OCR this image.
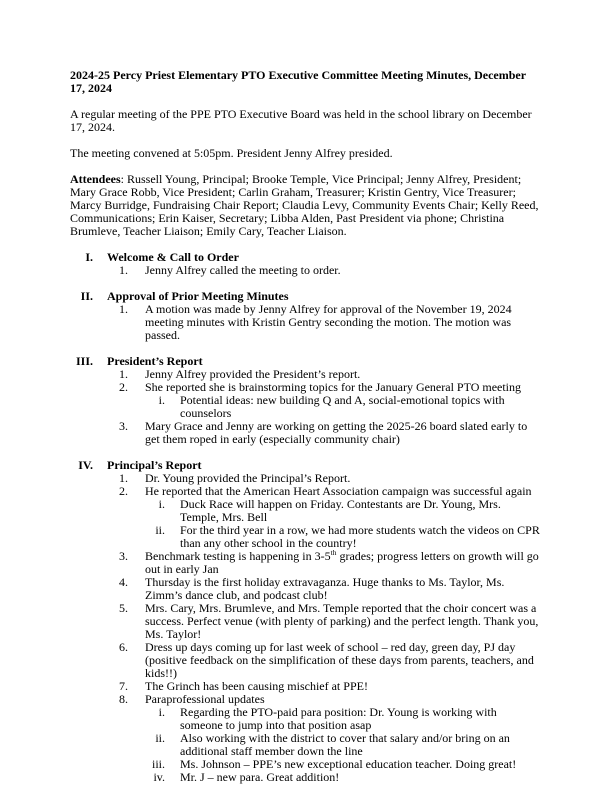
2024-25 Percy Priest Elementary PTO Executive Committee Meeting Minutes, December 17, 2024

A regular meeting of the PPE PTO Executive Board was held in the school library on December 17, 2024.

The meeting convened at 5:05pm. President Jenny Alfrey presided.

Attendees: Russell Young, Principal; Brooke Temple, Vice Principal; Jenny Alfrey, President; Mary Grace Robb, Vice President; Carlin Graham, Treasurer; Kristin Gentry, Vice Treasurer; Marcy Burridge, Fundraising Chair Report; Claudia Levy, Community Events Chair; Kelly Reed, Communications; Erin Kaiser, Secretary; Libba Alden, Past President via phone; Christina Brumleve, Teacher Liaison; Emily Cary, Teacher Liaison.

I. Welcome & Call to Order
1. Jenny Alfrey called the meeting to order.
II. Approval of Prior Meeting Minutes
1. A motion was made by Jenny Alfrey for approval of the November 19, 2024 meeting minutes with Kristin Gentry seconding the motion. The motion was passed.
III. President’s Report
1. Jenny Alfrey provided the President’s report.
2. She reported she is brainstorming topics for the January General PTO meeting
i. Potential ideas: new building Q and A, social-emotional topics with counselors
3. Mary Grace and Jenny are working on getting the 2025-26 board slated early to get them roped in early (especially community chair)
IV. Principal’s Report
1. Dr. Young provided the Principal’s Report.
2. He reported that the American Heart Association campaign was successful again
i. Duck Race will happen on Friday. Contestants are Dr. Young, Mrs. Temple, Mrs. Bell
ii. For the third year in a row, we had more students watch the videos on CPR than any other school in the country!
3. Benchmark testing is happening in 3-5th grades; progress letters on growth will go out in early Jan
4. Thursday is the first holiday extravaganza. Huge thanks to Ms. Taylor, Ms. Zimm’s dance club, and podcast club!
5. Mrs. Cary, Mrs. Brumleve, and Mrs. Temple reported that the choir concert was a success. Perfect venue (with plenty of parking) and the perfect length. Thank you, Ms. Taylor!
6. Dress up days coming up for last week of school – red day, green day, PJ day (positive feedback on the simplification of these days from parents, teachers, and kids!!)
7. The Grinch has been causing mischief at PPE!
8. Paraprofessional updates
i. Regarding the PTO-paid para position: Dr. Young is working with someone to jump into that position asap
ii. Also working with the district to cover that salary and/or bring on an additional staff member down the line
iii. Ms. Johnson – PPE’s new exceptional education teacher. Doing great!
iv. Mr. J – new para. Great addition!
